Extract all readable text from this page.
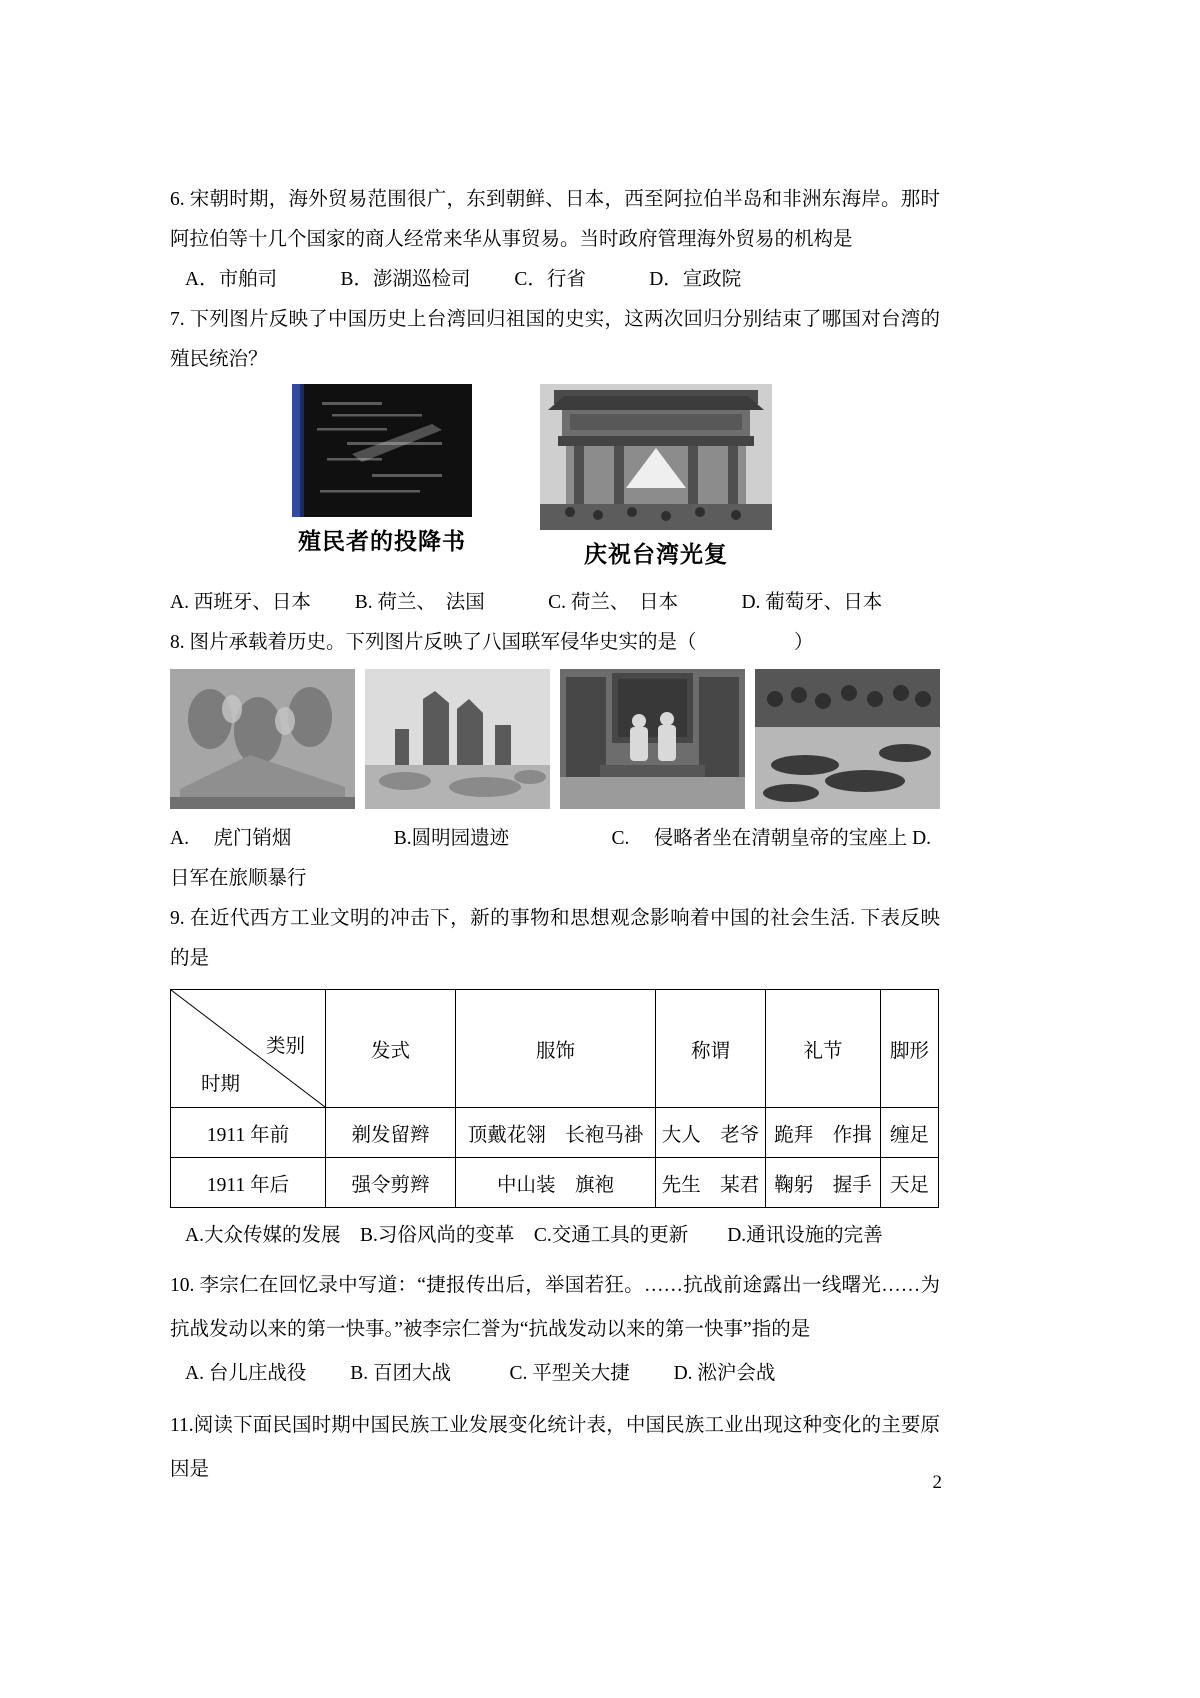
6. 宋朝时期，海外贸易范围很广，东到朝鲜、日本，西至阿拉伯半岛和非洲东海岸。那时阿拉伯等十几个国家的商人经常来华从事贸易。当时政府管理海外贸易的机构是

A．市舶司　　　 B．澎湖巡检司　　 C．行省　　　 D．宣政院

7. 下列图片反映了中国历史上台湾回归祖国的史实，这两次回归分别结束了哪国对台湾的殖民统治？

殖民者的投降书
庆祝台湾光复

A. 西班牙、日本　　 B. 荷兰、　法国　　　 C. 荷兰、　日本　　　 D. 葡萄牙、日本

8. 图片承载着历史。下列图片反映了八国联军侵华史实的是（　　　　　）

A.　 虎门销烟　　　　　 B.圆明园遗迹　　　　　 C.　 侵略者坐在清朝皇帝的宝座上 D.

日军在旅顺暴行

9. 在近代西方工业文明的冲击下，新的事物和思想观念影响着中国的社会生活. 下表反映的是

类别
时期	发式	服饰	称谓	礼节	脚形
1911 年前	剃发留辫	顶戴花翎　长袍马褂	大人　老爷	跪拜　作揖	缠足
1911 年后	强令剪辫	中山装　旗袍	先生　某君	鞠躬　握手	天足

A.大众传媒的发展　B.习俗风尚的变革　C.交通工具的更新　　D.通讯设施的完善

10. 李宗仁在回忆录中写道：“捷报传出后，举国若狂。……抗战前途露出一线曙光……为抗战发动以来的第一快事。”被李宗仁誉为“抗战发动以来的第一快事”指的是

A. 台儿庄战役　　 B. 百团大战　　　C. 平型关大捷　　 D. 淞沪会战

11.阅读下面民国时期中国民族工业发展变化统计表，中国民族工业出现这种变化的主要原因是

2
